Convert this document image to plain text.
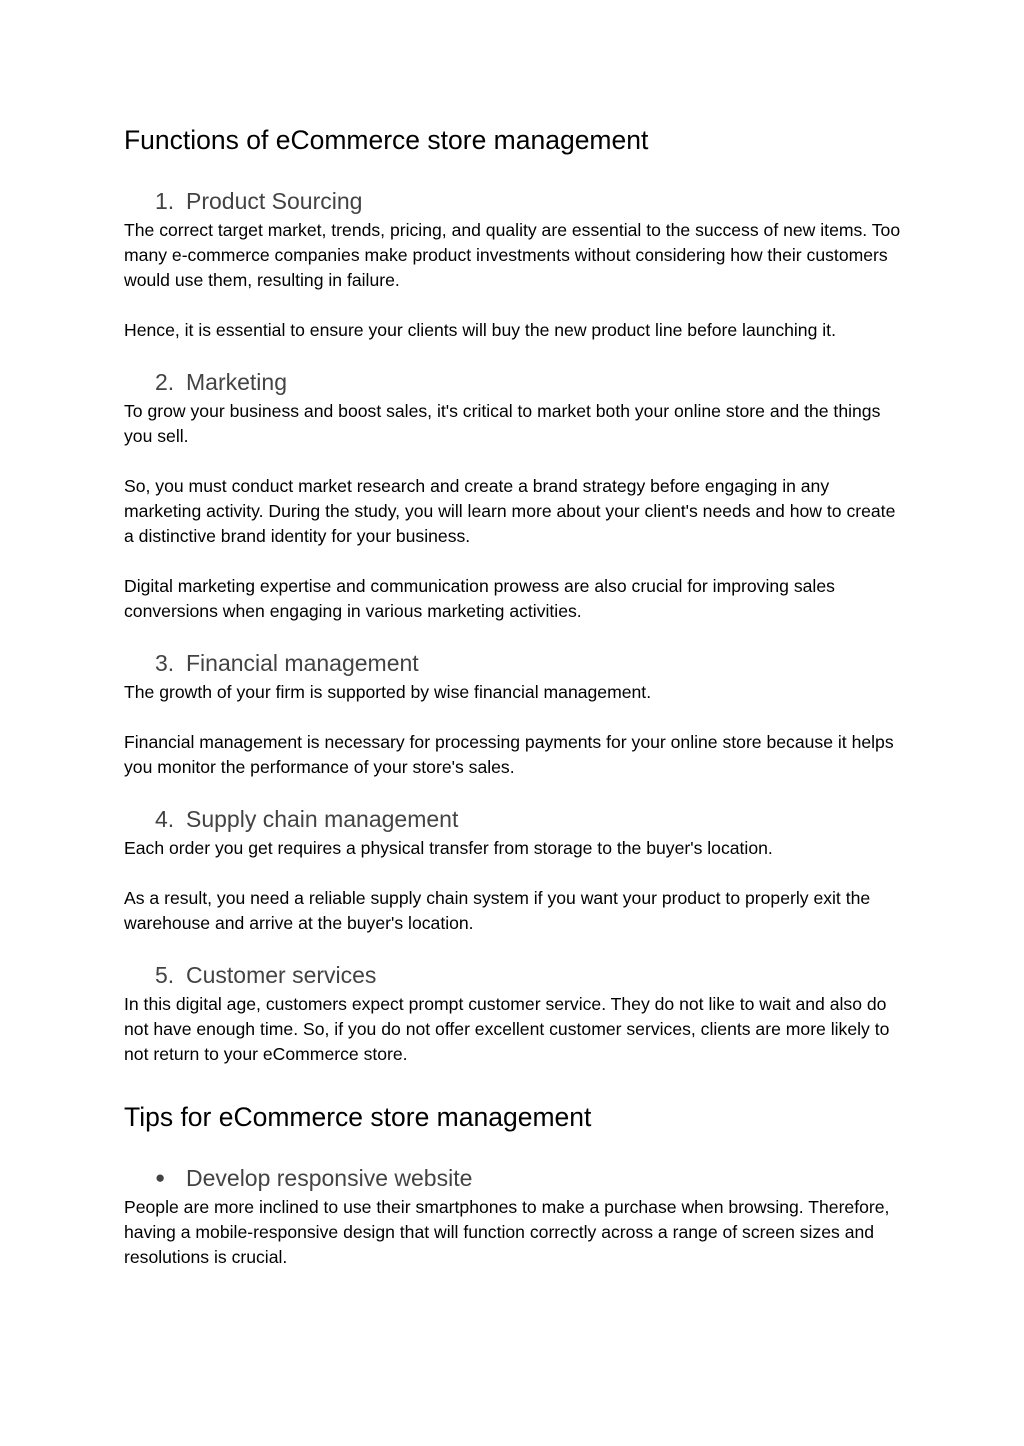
Functions of eCommerce store management
1. Product Sourcing

The correct target market, trends, pricing, and quality are essential to the success of new items. Too many e-commerce companies make product investments without considering how their customers would use them, resulting in failure.

Hence, it is essential to ensure your clients will buy the new product line before launching it.

2. Marketing

To grow your business and boost sales, it's critical to market both your online store and the things you sell.

So, you must conduct market research and create a brand strategy before engaging in any marketing activity. During the study, you will learn more about your client's needs and how to create a distinctive brand identity for your business.

Digital marketing expertise and communication prowess are also crucial for improving sales conversions when engaging in various marketing activities.

3. Financial management

The growth of your firm is supported by wise financial management.

Financial management is necessary for processing payments for your online store because it helps you monitor the performance of your store's sales.

4. Supply chain management

Each order you get requires a physical transfer from storage to the buyer's location.

As a result, you need a reliable supply chain system if you want your product to properly exit the warehouse and arrive at the buyer's location.

5. Customer services

In this digital age, customers expect prompt customer service. They do not like to wait and also do not have enough time. So, if you do not offer excellent customer services, clients are more likely to not return to your eCommerce store.

Tips for eCommerce store management
● Develop responsive website

People are more inclined to use their smartphones to make a purchase when browsing. Therefore, having a mobile-responsive design that will function correctly across a range of screen sizes and resolutions is crucial.
